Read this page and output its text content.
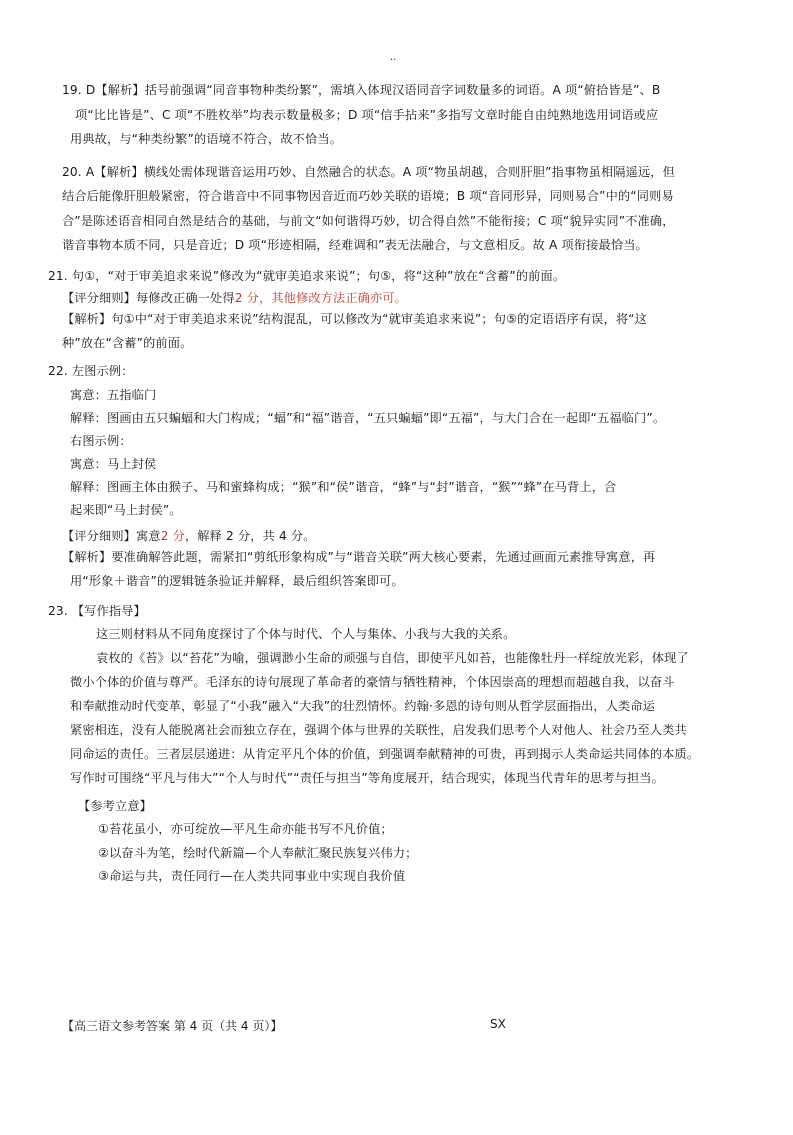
..
19. D【解析】括号前强调“同音事物种类纷繁”，需填入体现汉语同音字词数量多的词语。A 项“俯拾皆是”、B
项“比比皆是”、C 项“不胜枚举”均表示数量极多；D 项“信手拈来”多指写文章时能自由纯熟地选用词语或应
用典故，与“种类纷繁”的语境不符合，故不恰当。
20. A【解析】横线处需体现谐音运用巧妙、自然融合的状态。A 项“物虽胡越，合则肝胆”指事物虽相隔遥远，但
结合后能像肝胆般紧密，符合谐音中不同事物因音近而巧妙关联的语境；B 项“音同形异，同则易合”中的“同则易
合”是陈述语音相同自然是结合的基础，与前文“如何谐得巧妙，切合得自然”不能衔接；C 项“貌异实同”不准确，
谐音事物本质不同，只是音近；D 项“形迹相隔，经难调和”表无法融合，与文意相反。故 A 项衔接最恰当。
21. 句①，“对于审美追求来说”修改为“就审美追求来说”；句⑤，将“这种”放在“含蓄”的前面。
【评分细则】每修改正确一处得2 分，其他修改方法正确亦可。
【解析】句①中“对于审美追求来说”结构混乱，可以修改为“就审美追求来说”；句⑤的定语语序有误，将“这
种”放在“含蓄”的前面。
22. 左图示例：
寓意：五指临门
解释：图画由五只蝙蝠和大门构成；“蝠”和“福”谐音，“五只蝙蝠”即“五福”，与大门合在一起即“五福临门”。
右图示例：
寓意：马上封侯
解释：图画主体由猴子、马和蜜蜂构成；“猴”和“侯”谐音，“蜂”与“封”谐音，“猴”“蜂”在马背上，合
起来即“马上封侯”。
【评分细则】寓意2 分，解释 2 分，共 4 分。
【解析】要准确解答此题，需紧扣“剪纸形象构成”与“谐音关联”两大核心要素，先通过画面元素推导寓意，再
用“形象＋谐音”的逻辑链条验证并解释，最后组织答案即可。
23. 【写作指导】
这三则材料从不同角度探讨了个体与时代、个人与集体、小我与大我的关系。
袁枚的《苔》以“苔花”为喻，强调渺小生命的顽强与自信，即使平凡如苔，也能像牡丹一样绽放光彩，体现了
微小个体的价值与尊严。毛泽东的诗句展现了革命者的豪情与牺牲精神，个体因崇高的理想而超越自我，以奋斗
和奉献推动时代变革，彰显了“小我”融入“大我”的壮烈情怀。约翰·多恩的诗句则从哲学层面指出，人类命运
紧密相连，没有人能脱离社会而独立存在，强调个体与世界的关联性，启发我们思考个人对他人、社会乃至人类共
同命运的责任。三者层层递进：从肯定平凡个体的价值，到强调奉献精神的可贵，再到揭示人类命运共同体的本质。
写作时可围绕“平凡与伟大”“个人与时代”“责任与担当”等角度展开，结合现实，体现当代青年的思考与担当。
【参考立意】
①苔花虽小，亦可绽放—平凡生命亦能书写不凡价值；
②以奋斗为笔，绘时代新篇—个人奉献汇聚民族复兴伟力；
③命运与共，责任同行—在人类共同事业中实现自我价值
【高三语文参考答案 第 4 页（共 4 页）】	SX
